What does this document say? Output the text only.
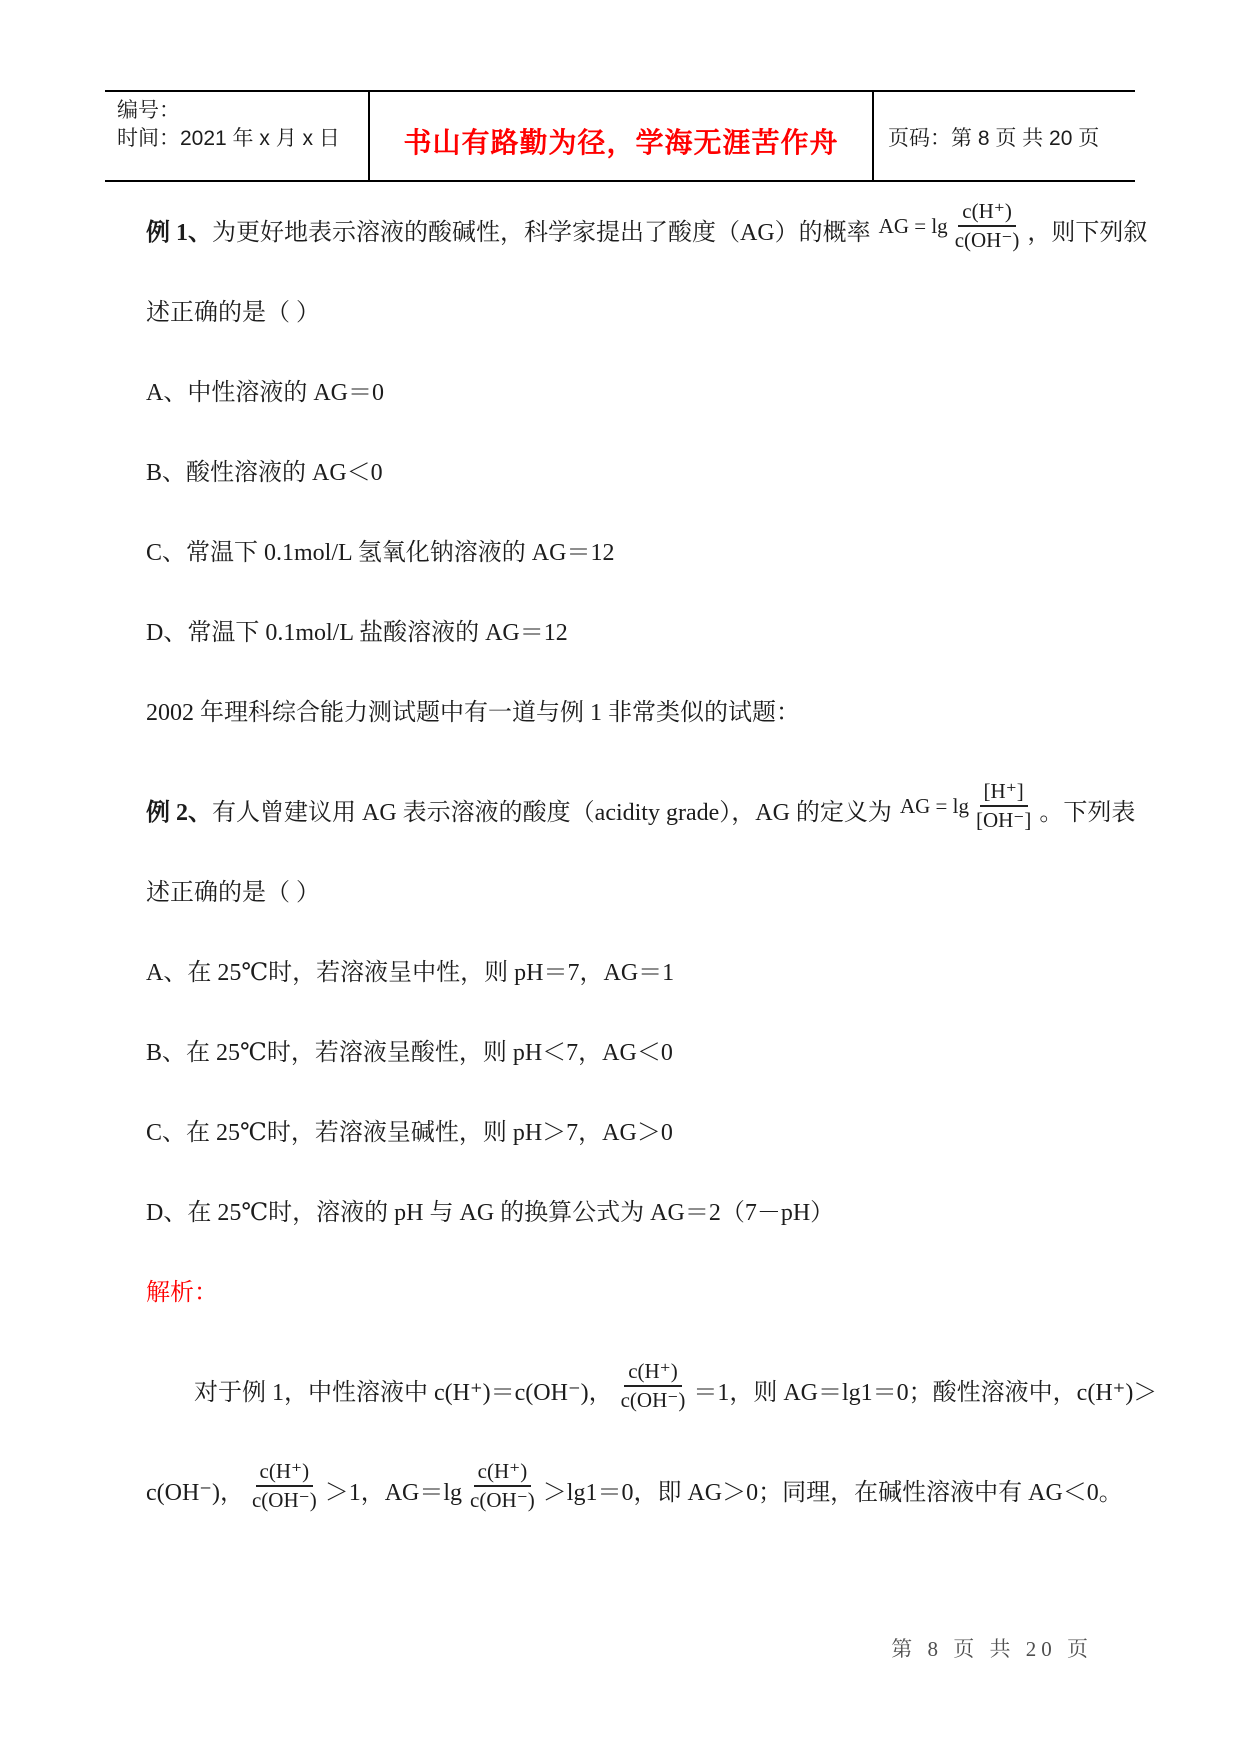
编号：
时间：2021 年 x 月 x 日	书山有路勤为径，学海无涯苦作舟	页码：第 8 页 共 20 页
例 1、 为更好地表示溶液的酸碱性，科学家提出了酸度（AG）的概率 AG = $\lg \frac{c(H^+)}{c(OH^-)}$ ，则下列叙
述正确的是（ ）
A、中性溶液的 AG＝0
B、酸性溶液的 AG＜0
C、常温下 0.1mol/L 氢氧化钠溶液的 AG＝12
D、常温下 0.1mol/L 盐酸溶液的 AG＝12
2002 年理科综合能力测试题中有一道与例 1 非常类似的试题：
例 2、 有人曾建议用 AG 表示溶液的酸度（acidity grade），AG 的定义为 AG = $\lg \frac{[H^+]}{[OH^-]}$ 。下列表
述正确的是（ ）
A、在 25℃时，若溶液呈中性，则 pH＝7，AG＝1
B、在 25℃时，若溶液呈酸性，则 pH＜7，AG＜0
C、在 25℃时，若溶液呈碱性，则 pH＞7，AG＞0
D、在 25℃时，溶液的 pH 与 AG 的换算公式为 AG＝2（7－pH）
解析：
对于例 1，中性溶液中 c(H⁺)＝c(OH⁻)， $\frac{c(H^+)}{c(OH^-)} =1$，则 AG＝lg1＝0；酸性溶液中，c(H⁺)＞
c(OH⁻)， $\frac{c(H^+)}{c(OH^-)} >1$，$AG=\lg \frac{c(H^+)}{c(OH^-)} >\lg 1=0$，即 AG＞0；同理，在碱性溶液中有 AG＜0。
第 8 页 共 20 页
